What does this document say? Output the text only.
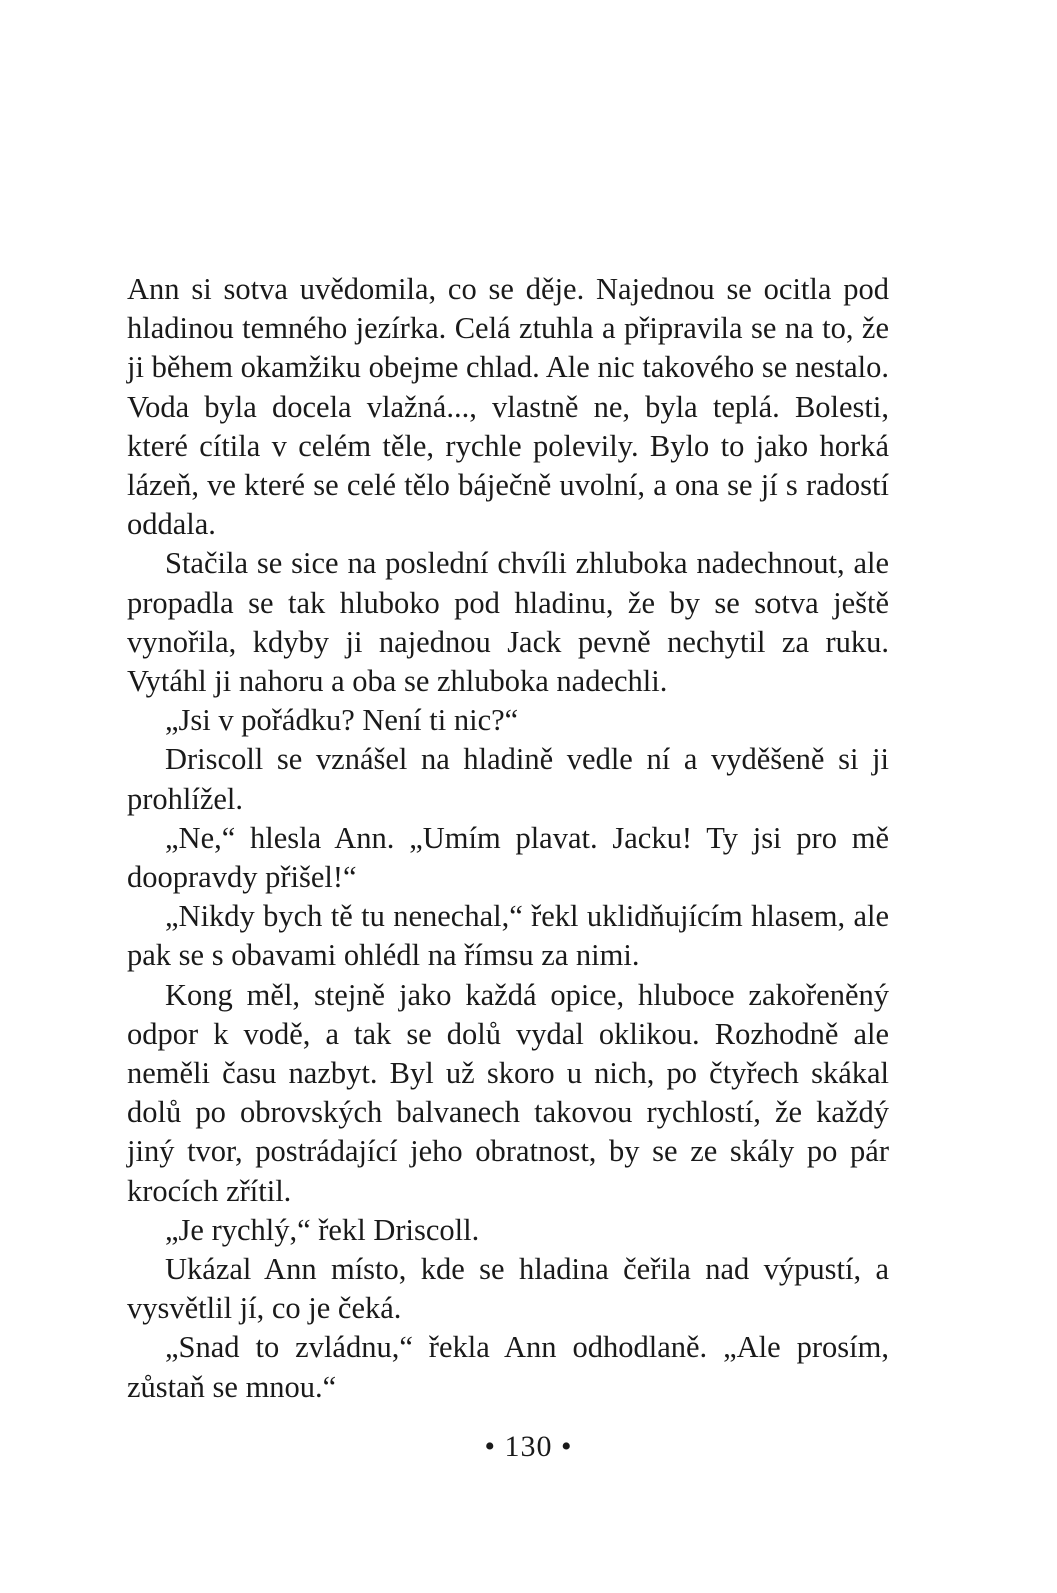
Ann si sotva uvědomila, co se děje. Najednou se ocitla pod hladinou temného jezírka. Celá ztuhla a připravila se na to, že ji během okamžiku obejme chlad. Ale nic takového se nestalo. Voda byla docela vlažná..., vlastně ne, byla teplá. Bolesti, které cítila v celém těle, rychle polevily. Bylo to jako horká lázeň, ve které se celé tělo báječně uvolní, a ona se jí s radostí oddala.

Stačila se sice na poslední chvíli zhluboka nadechnout, ale propadla se tak hluboko pod hladinu, že by se sotva ještě vynořila, kdyby ji najednou Jack pevně nechytil za ruku. Vytáhl ji nahoru a oba se zhluboka nadechli.

„Jsi v pořádku? Není ti nic?“

Driscoll se vznášel na hladině vedle ní a vyděšeně si ji prohlížel.

„Ne,“ hlesla Ann. „Umím plavat. Jacku! Ty jsi pro mě doopravdy přišel!“

„Nikdy bych tě tu nenechal,“ řekl uklidňujícím hlasem, ale pak se s obavami ohlédl na římsu za nimi.

Kong měl, stejně jako každá opice, hluboce zakořeněný odpor k vodě, a tak se dolů vydal oklikou. Rozhodně ale neměli času nazbyt. Byl už skoro u nich, po čtyřech skákal dolů po obrovských balvanech takovou rychlostí, že každý jiný tvor, postrádající jeho obratnost, by se ze skály po pár krocích zřítil.

„Je rychlý,“ řekl Driscoll.

Ukázal Ann místo, kde se hladina čeřila nad výpustí, a vysvětlil jí, co je čeká.

„Snad to zvládnu,“ řekla Ann odhodlaně. „Ale prosím, zůstaň se mnou.“

• 130 •
